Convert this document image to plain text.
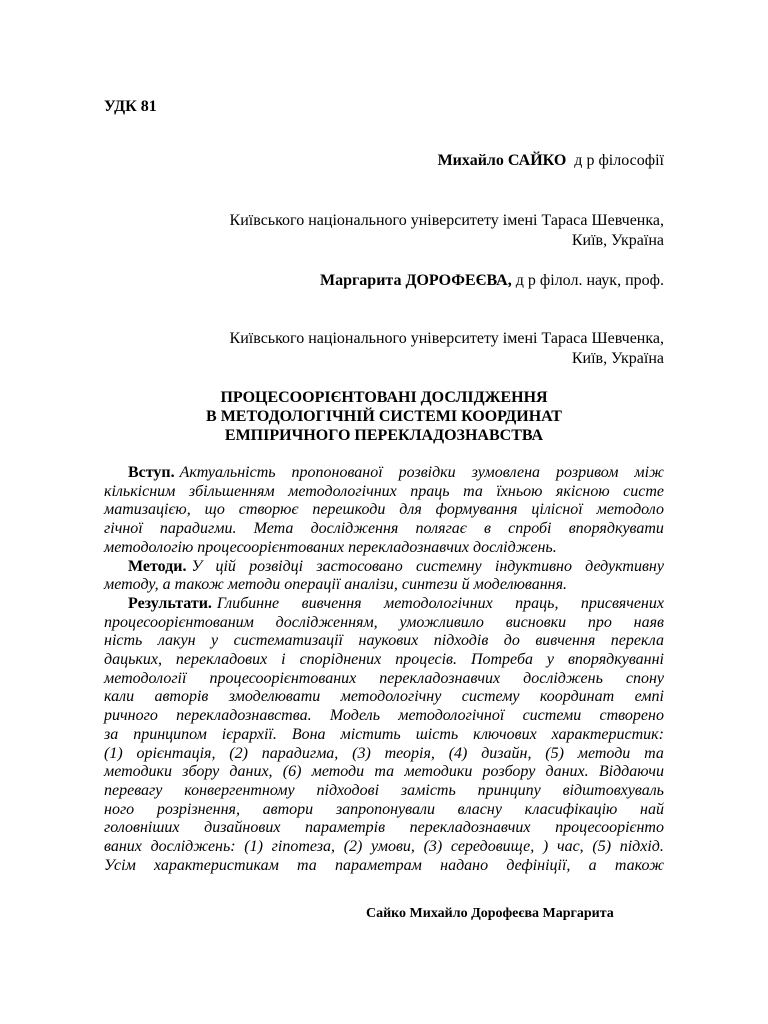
УДК 81
Михайло САЙКО д р філософії
Київського національного університету імені Тараса Шевченка,
Київ, Україна
Маргарита ДОРОФЕЄВА, д р філол. наук, проф.
Київського національного університету імені Тараса Шевченка,
Київ, Україна
ПРОЦЕСООРІЄНТОВАНІ ДОСЛІДЖЕННЯ
В МЕТОДОЛОГІЧНІЙ СИСТЕМІ КООРДИНАТ
ЕМПІРИЧНОГО ПЕРЕКЛАДОЗНАВСТВА
Вступ. Актуальність пропонованої розвідки зумовлена розривом між
кількісним збільшенням методологічних праць та їхньою якісною систе
матизацією, що створює перешкоди для формування цілісної методоло
гічної парадигми. Мета дослідження полягає в спробі впорядкувати
методологію процесоорієнтованих перекладознавчих досліджень.
Методи. У цій розвідці застосовано системну індуктивно дедуктивну
методу, а також методи операції аналізи, синтези й моделювання.
Результати. Глибинне вивчення методологічних праць, присвячених
процесоорієнтованим дослідженням, уможливило висновки про наяв
ність лакун у систематизації наукових підходів до вивчення перекла
дацьких, перекладових і споріднених процесів. Потреба у впорядкуванні
методології процесоорієнтованих перекладознавчих досліджень спону
кали авторів змоделювати методологічну систему координат емпі
ричного перекладознавства. Модель методологічної системи створено
за принципом ієрархії. Вона містить шість ключових характеристик:
(1) орієнтація, (2) парадигма, (3) теорія, (4) дизайн, (5) методи та
методики збору даних, (6) методи та методики розбору даних. Віддаючи
перевагу конвергентному підходові замість принципу відштовхуваль
ного розрізнення, автори запропонували власну класифікацію най
головніших дизайнових параметрів перекладознавчих процесоорієнто
ваних досліджень: (1) гіпотеза, (2) умови, (3) середовище, ) час, (5) підхід.
Усім характеристикам та параметрам надано дефініції, а також
Сайко Михайло Дорофеєва Маргарита
